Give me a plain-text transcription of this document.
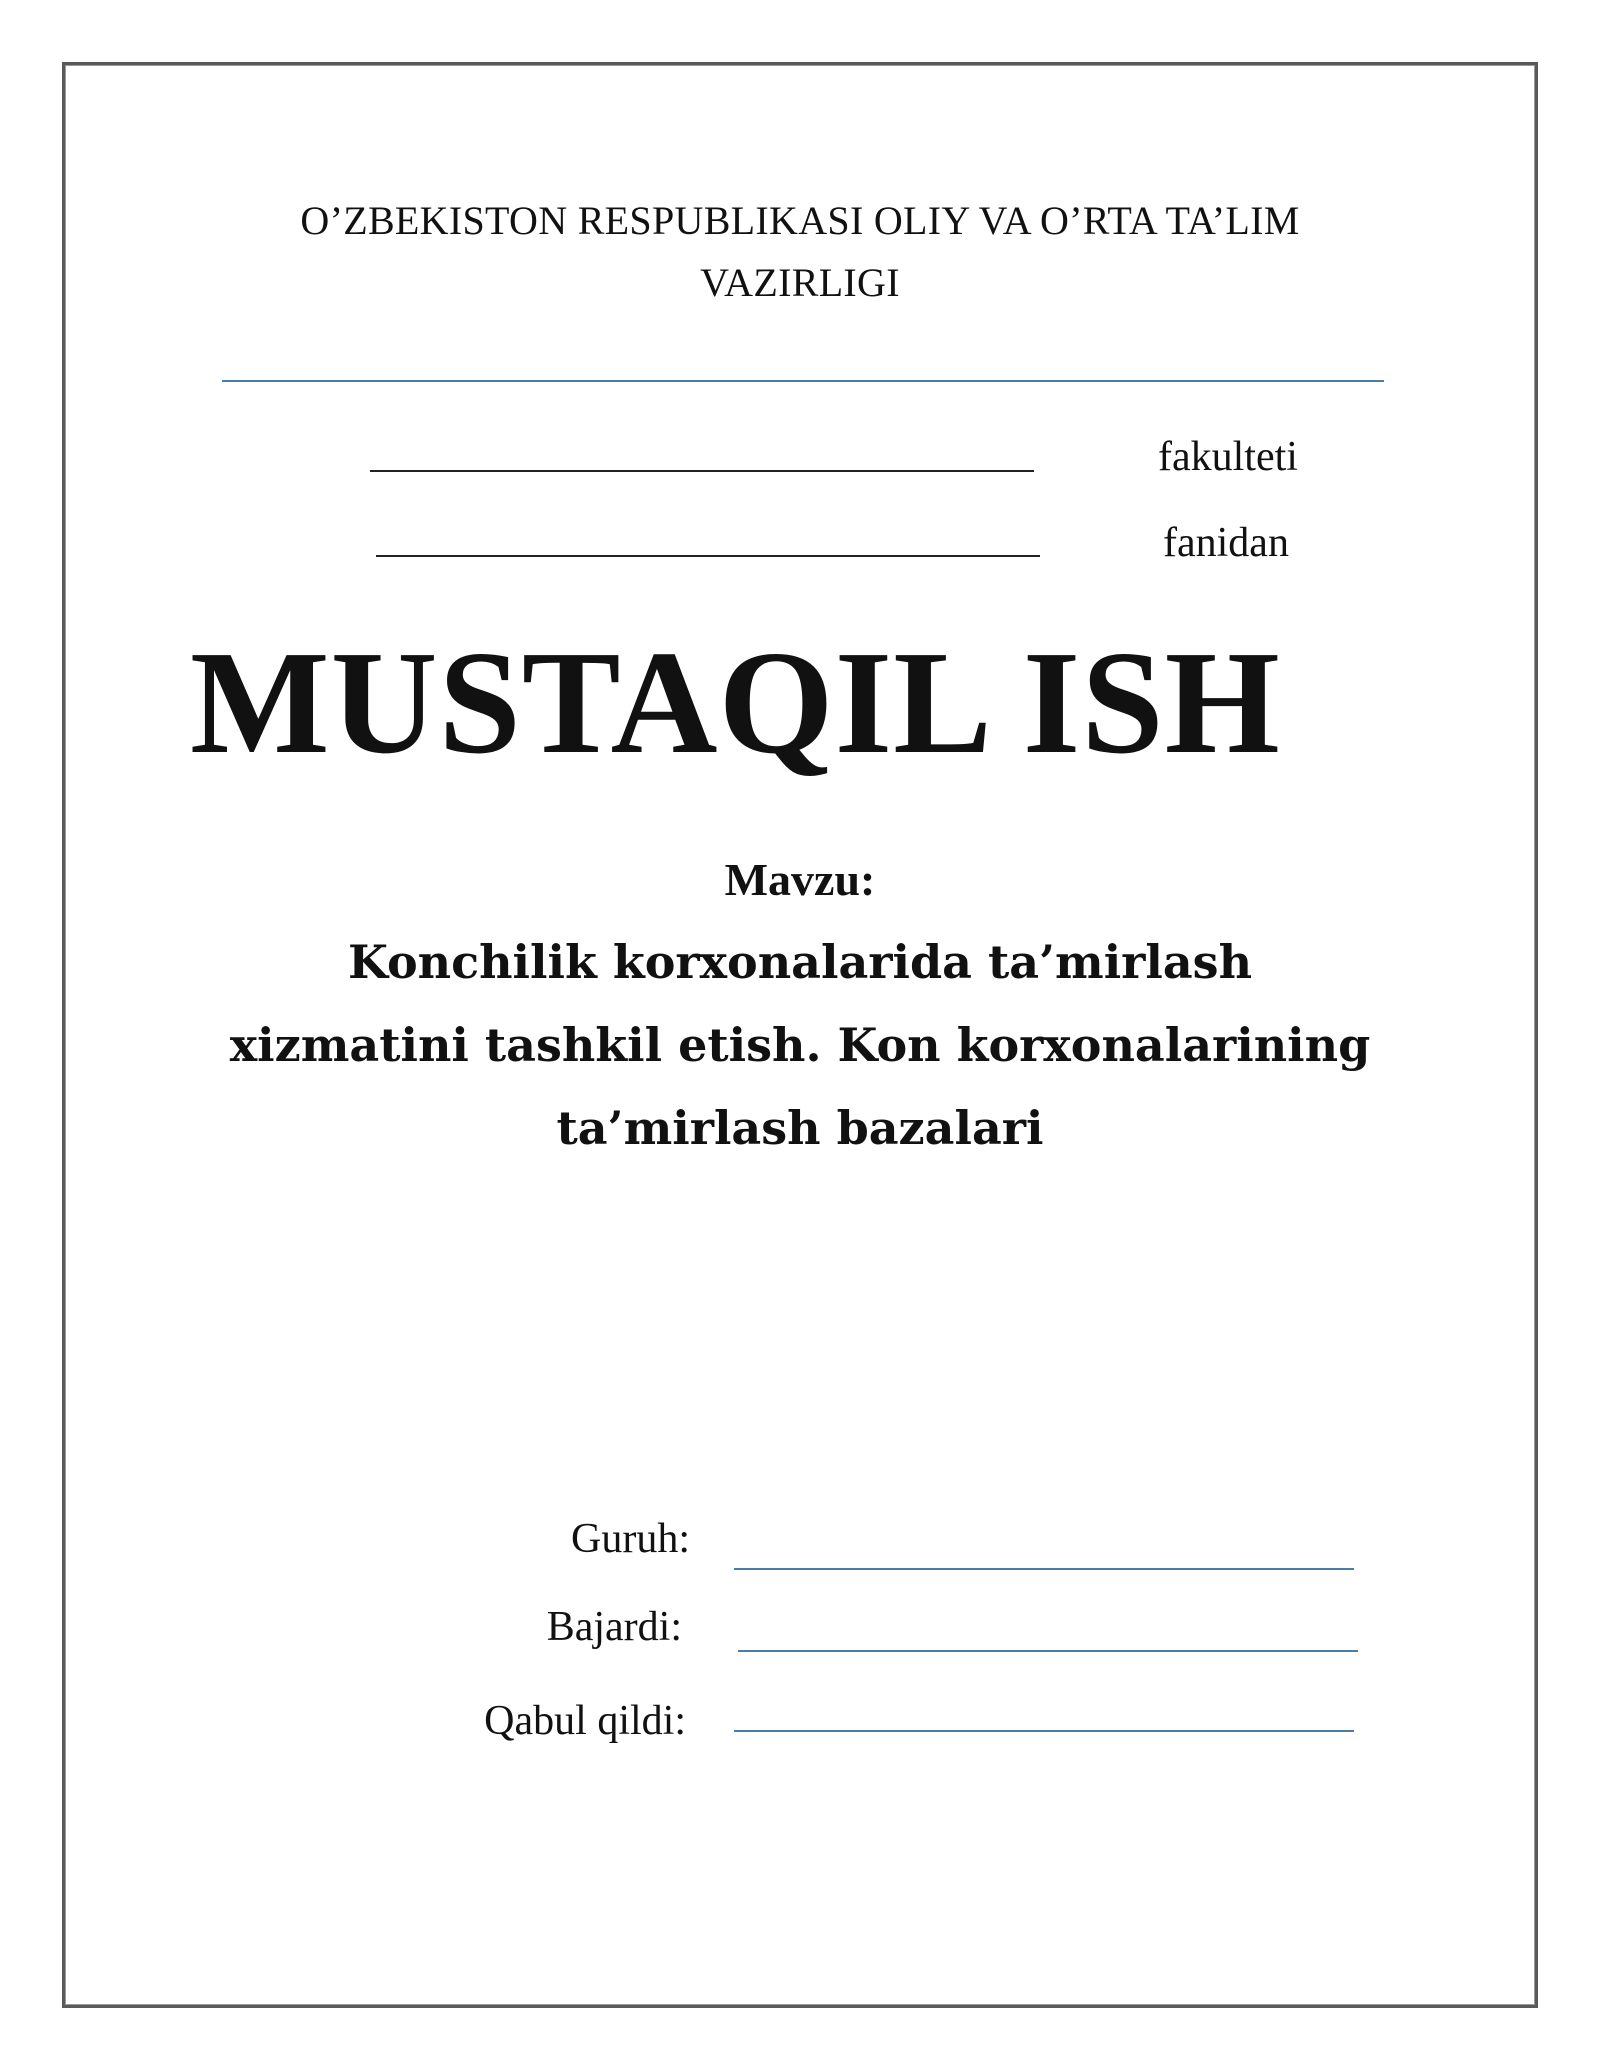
O’ZBEKISTON RESPUBLIKASI OLIY VA O’RTA TA’LIM
VAZIRLIGI
fakulteti
fanidan
MUSTAQIL ISH
Mavzu:
Konchilik korxonalarida ta’mirlash
xizmatini tashkil etish. Kon korxonalarining
ta’mirlash bazalari
Guruh:
Bajardi:
Qabul qildi:
